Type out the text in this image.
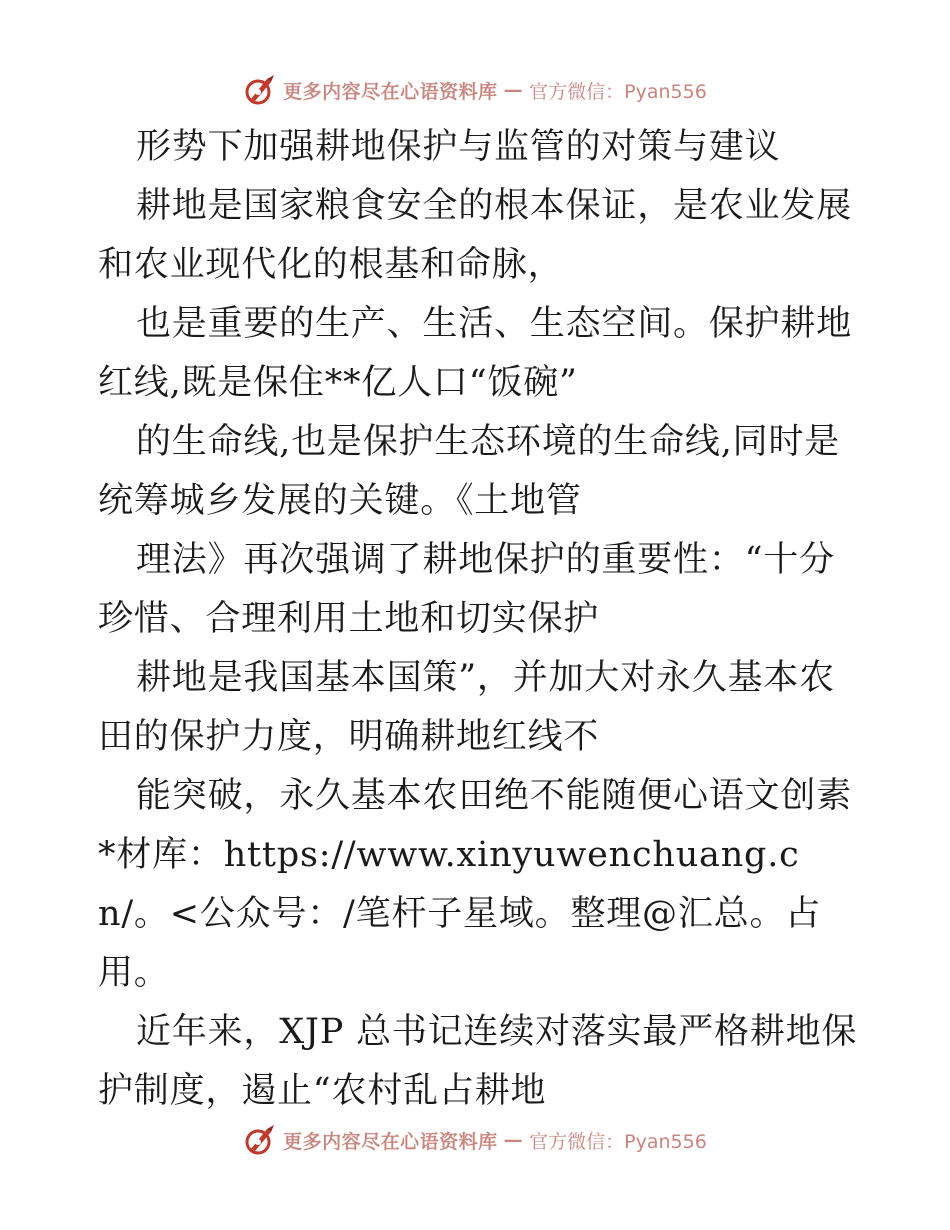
更多内容尽在心语资料库 — 官方微信：Pyan556

形势下加强耕地保护与监管的对策与建议

耕地是国家粮食安全的根本保证，是农业发展和农业现代化的根基和命脉，

也是重要的生产、生活、生态空间。保护耕地红线,既是保住**亿人口“饭碗”

的生命线,也是保护生态环境的生命线,同时是统筹城乡发展的关键。《土地管

理法》再次强调了耕地保护的重要性：“十分珍惜、合理利用土地和切实保护

耕地是我国基本国策”，并加大对永久基本农田的保护力度，明确耕地红线不

能突破，永久基本农田绝不能随便心语文创素*材库：https://www.xinyuwenchuang.cn/。<公众号：/笔杆子星域。整理@汇总。占用。

近年来，XJP 总书记连续对落实最严格耕地保护制度，遏止“农村乱占耕地

更多内容尽在心语资料库 — 官方微信：Pyan556
